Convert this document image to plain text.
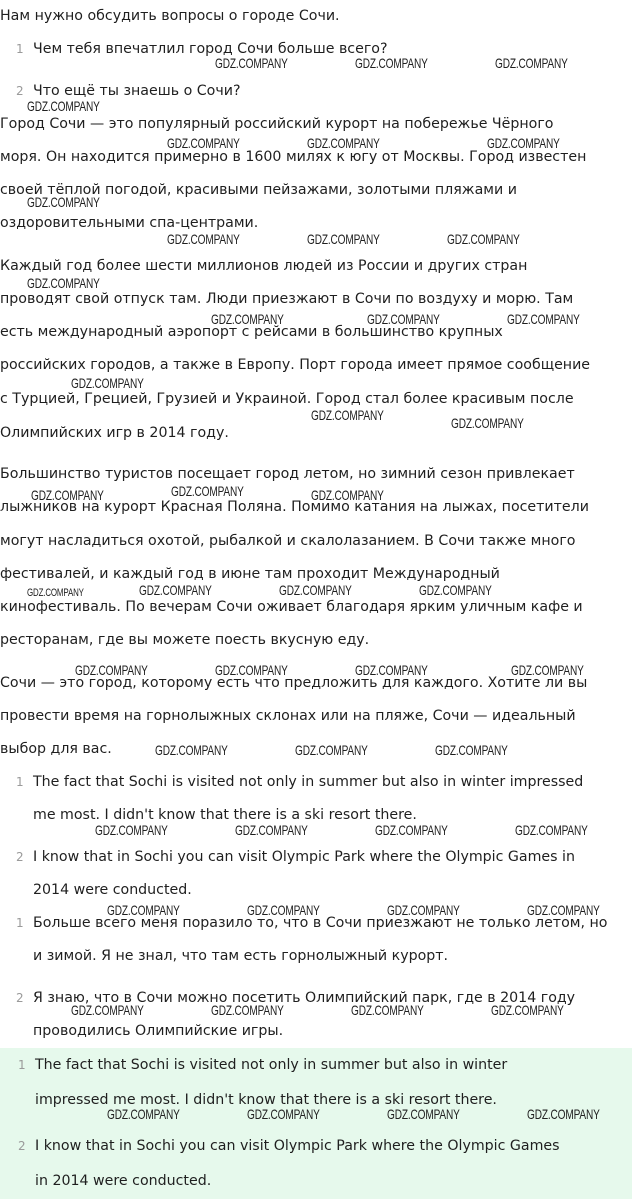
Нам нужно обсудить вопросы о городе Сочи.
1 Чем тебя впечатлил город Сочи больше всего?
2 Что ещё ты знаешь о Сочи?
Город Сочи — это популярный российский курорт на побережье Чёрного
моря. Он находится примерно в 1600 милях к югу от Москвы. Город известен
своей тёплой погодой, красивыми пейзажами, золотыми пляжами и
оздоровительными спа-центрами.
Каждый год более шести миллионов людей из России и других стран
проводят свой отпуск там. Люди приезжают в Сочи по воздуху и морю. Там
есть международный аэропорт с рейсами в большинство крупных
российских городов, а также в Европу. Порт города имеет прямое сообщение
с Турцией, Грецией, Грузией и Украиной. Город стал более красивым после
Олимпийских игр в 2014 году.
Большинство туристов посещает город летом, но зимний сезон привлекает
лыжников на курорт Красная Поляна. Помимо катания на лыжах, посетители
могут насладиться охотой, рыбалкой и скалолазанием. В Сочи также много
фестивалей, и каждый год в июне там проходит Международный
кинофестиваль. По вечерам Сочи оживает благодаря ярким уличным кафе и
ресторанам, где вы можете поесть вкусную еду.
Сочи — это город, которому есть что предложить для каждого. Хотите ли вы
провести время на горнолыжных склонах или на пляже, Сочи — идеальный
выбор для вас.
1 The fact that Sochi is visited not only in summer but also in winter impressed
me most. I didn't know that there is a ski resort there.
2 I know that in Sochi you can visit Olympic Park where the Olympic Games in
2014 were conducted.
1 Больше всего меня поразило то, что в Сочи приезжают не только летом, но
и зимой. Я не знал, что там есть горнолыжный курорт.
2 Я знаю, что в Сочи можно посетить Олимпийский парк, где в 2014 году
проводились Олимпийские игры.
1 The fact that Sochi is visited not only in summer but also in winter
impressed me most. I didn't know that there is a ski resort there.
2 I know that in Sochi you can visit Olympic Park where the Olympic Games
in 2014 were conducted.
GDZ.COMPANY	GDZ.COMPANY	GDZ.COMPANY
GDZ.COMPANY
GDZ.COMPANY	GDZ.COMPANY	GDZ.COMPANY
GDZ.COMPANY
GDZ.COMPANY	GDZ.COMPANY	GDZ.COMPANY
GDZ.COMPANY
GDZ.COMPANY	GDZ.COMPANY	GDZ.COMPANY
GDZ.COMPANY
GDZ.COMPANY	GDZ.COMPANY
GDZ.COMPANY	GDZ.COMPANY	GDZ.COMPANY
GDZ.COMPANY	GDZ.COMPANY	GDZ.COMPANY	GDZ.COMPANY
GDZ.COMPANY	GDZ.COMPANY	GDZ.COMPANY	GDZ.COMPANY
GDZ.COMPANY	GDZ.COMPANY	GDZ.COMPANY
GDZ.COMPANY	GDZ.COMPANY	GDZ.COMPANY	GDZ.COMPANY
GDZ.COMPANY	GDZ.COMPANY	GDZ.COMPANY	GDZ.COMPANY
GDZ.COMPANY	GDZ.COMPANY	GDZ.COMPANY	GDZ.COMPANY
GDZ.COMPANY	GDZ.COMPANY	GDZ.COMPANY	GDZ.COMPANY
